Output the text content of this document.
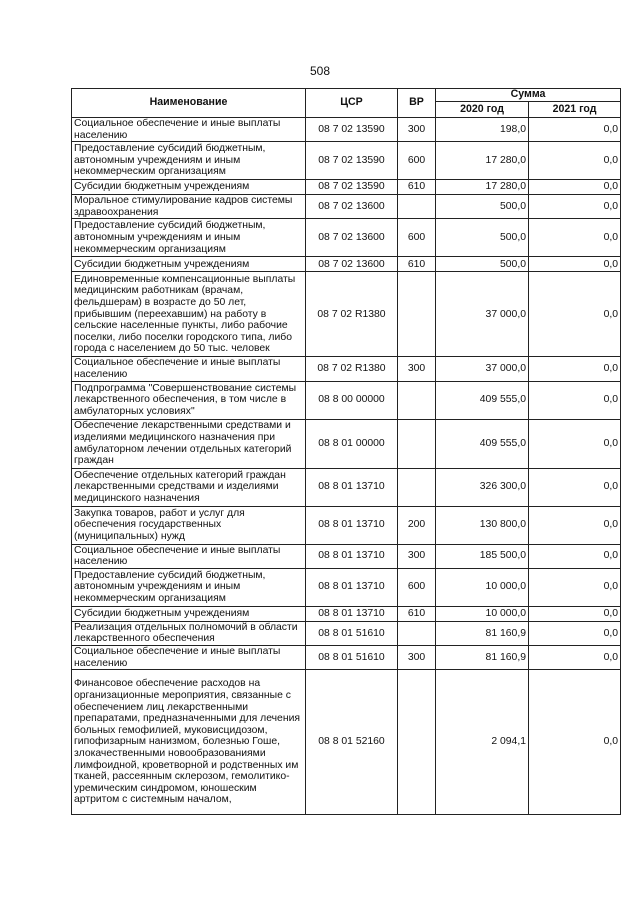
508
Наименование	ЦСР	ВР	Сумма	
			2020 год	2021 год

Социальное обеспечение и иные выплаты населению	08 7 02 13590	300	198,0	0,0
Предоставление субсидий бюджетным, автономным учреждениям и иным некоммерческим организациям	08 7 02 13590	600	17 280,0	0,0
Субсидии бюджетным учреждениям	08 7 02 13590	610	17 280,0	0,0
Моральное стимулирование кадров системы здравоохранения	08 7 02 13600		500,0	0,0
Предоставление субсидий бюджетным, автономным учреждениям и иным некоммерческим организациям	08 7 02 13600	600	500,0	0,0
Субсидии бюджетным учреждениям	08 7 02 13600	610	500,0	0,0
Единовременные компенсационные выплаты медицинским работникам (врачам, фельдшерам) в возрасте до 50 лет, прибывшим (переехавшим) на работу в сельские населенные пункты, либо рабочие поселки, либо поселки городского типа, либо города с населением до 50 тыс. человек	08 7 02 R1380		37 000,0	0,0
Социальное обеспечение и иные выплаты населению	08 7 02 R1380	300	37 000,0	0,0
Подпрограмма "Совершенствование системы лекарственного обеспечения, в том числе в амбулаторных условиях"	08 8 00 00000		409 555,0	0,0
Обеспечение лекарственными средствами и изделиями медицинского назначения при амбулаторном лечении отдельных категорий граждан	08 8 01 00000		409 555,0	0,0
Обеспечение отдельных категорий граждан лекарственными средствами и изделиями медицинского назначения	08 8 01 13710		326 300,0	0,0
Закупка товаров, работ и услуг для обеспечения государственных (муниципальных) нужд	08 8 01 13710	200	130 800,0	0,0
Социальное обеспечение и иные выплаты населению	08 8 01 13710	300	185 500,0	0,0
Предоставление субсидий бюджетным, автономным учреждениям и иным некоммерческим организациям	08 8 01 13710	600	10 000,0	0,0
Субсидии бюджетным учреждениям	08 8 01 13710	610	10 000,0	0,0
Реализация отдельных полномочий в области лекарственного обеспечения	08 8 01 51610		81 160,9	0,0
Социальное обеспечение и иные выплаты населению	08 8 01 51610	300	81 160,9	0,0
Финансовое обеспечение расходов на организационные мероприятия, связанные с обеспечением лиц лекарственными препаратами, предназначенными для лечения больных гемофилией, муковисцидозом, гипофизарным нанизмом, болезнью Гоше, злокачественными новообразованиями лимфоидной, кроветворной и родственных им тканей, рассеянным склерозом, гемолитико-уремическим синдромом, юношеским артритом с системным началом,	08 8 01 52160		2 094,1	0,0
